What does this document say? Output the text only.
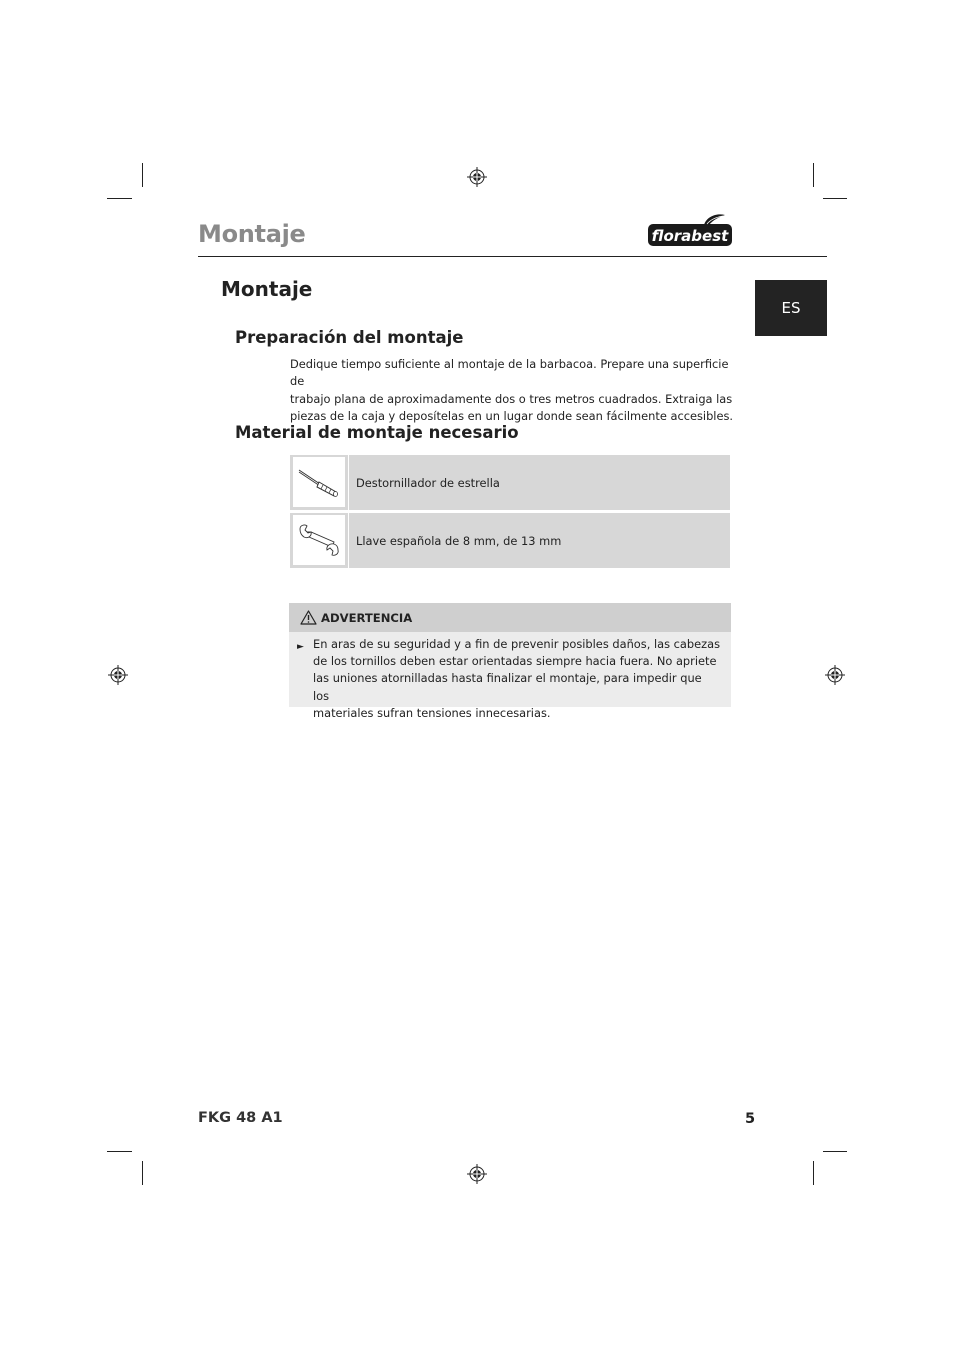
Montaje	florabest
ES
Montaje
Preparación del montaje
Dedique tiempo suficiente al montaje de la barbacoa. Prepare una superficie de
trabajo plana de aproximadamente dos o tres metros cuadrados. Extraiga las
piezas de la caja y deposítelas en un lugar donde sean fácilmente accesibles.
Material de montaje necesario
Destornillador de estrella
Llave española de 8 mm, de 13 mm
ADVERTENCIA
► En aras de su seguridad y a fin de prevenir posibles daños, las cabezas
de los tornillos deben estar orientadas siempre hacia fuera. No apriete
las uniones atornilladas hasta finalizar el montaje, para impedir que los
materiales sufran tensiones innecesarias.
FKG 48 A1	5
